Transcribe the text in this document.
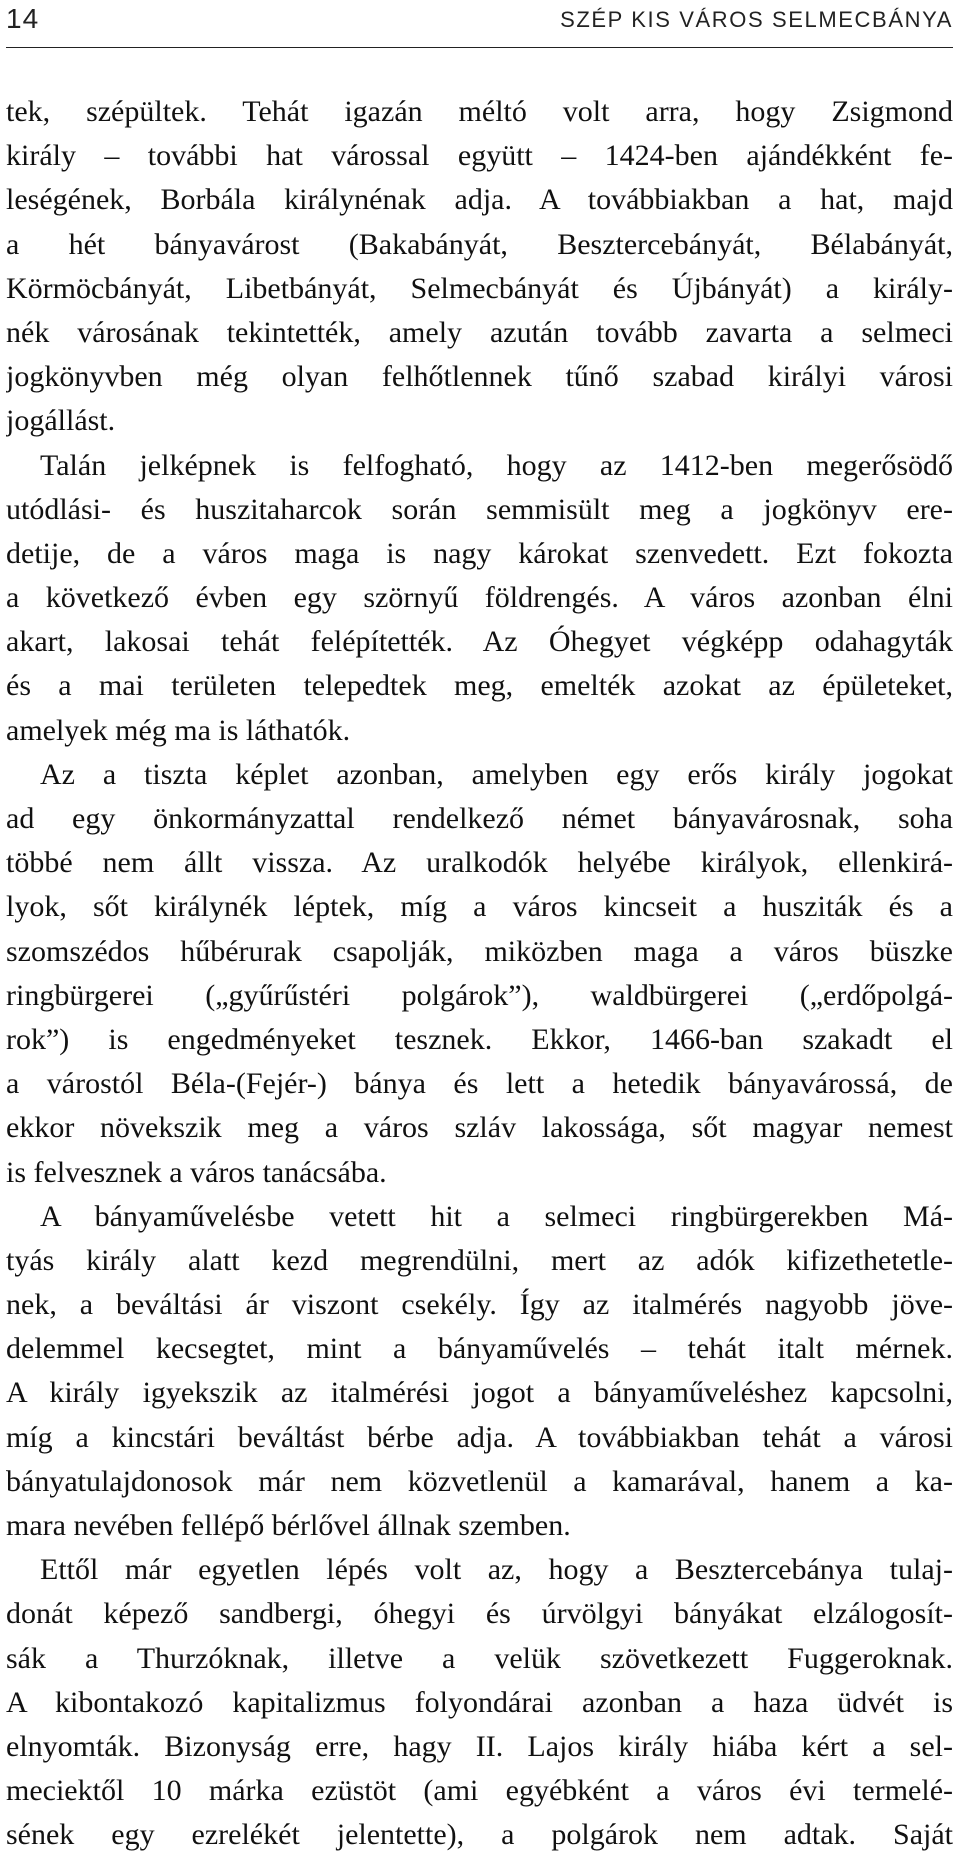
14	SZÉP KIS VÁROS SELMECBÁNYA
tek, szépültek. Tehát igazán méltó volt arra, hogy Zsigmond
király – további hat várossal együtt – 1424-ben ajándékként fe-
leségének, Borbála királynénak adja. A továbbiakban a hat, majd
a hét bányavárost (Bakabányát, Besztercebányát, Bélabányát,
Körmöcbányát, Libetbányát, Selmecbányát és Újbányát) a király-
nék városának tekintették, amely azután tovább zavarta a selmeci
jogkönyvben még olyan felhőtlennek tűnő szabad királyi városi
jogállást.
Talán jelképnek is felfogható, hogy az 1412-ben megerősödő
utódlási- és huszitaharcok során semmisült meg a jogkönyv ere-
detije, de a város maga is nagy károkat szenvedett. Ezt fokozta
a következő évben egy szörnyű földrengés. A város azonban élni
akart, lakosai tehát felépítették. Az Óhegyet végképp odahagyták
és a mai területen telepedtek meg, emelték azokat az épületeket,
amelyek még ma is láthatók.
Az a tiszta képlet azonban, amelyben egy erős király jogokat
ad egy önkormányzattal rendelkező német bányavárosnak, soha
többé nem állt vissza. Az uralkodók helyébe királyok, ellenkirá-
lyok, sőt királynék léptek, míg a város kincseit a husziták és a
szomszédos hűbérurak csapolják, miközben maga a város büszke
ringbürgerei („gyűrűstéri polgárok”), waldbürgerei („erdőpolgá-
rok”) is engedményeket tesznek. Ekkor, 1466-ban szakadt el
a várostól Béla-(Fejér-) bánya és lett a hetedik bányavárossá, de
ekkor növekszik meg a város szláv lakossága, sőt magyar nemest
is felvesznek a város tanácsába.
A bányaművelésbe vetett hit a selmeci ringbürgerekben Má-
tyás király alatt kezd megrendülni, mert az adók kifizethetetle-
nek, a beváltási ár viszont csekély. Így az italmérés nagyobb jöve-
delemmel kecsegtet, mint a bányaművelés – tehát italt mérnek.
A király igyekszik az italmérési jogot a bányaműveléshez kapcsolni,
míg a kincstári beváltást bérbe adja. A továbbiakban tehát a városi
bányatulajdonosok már nem közvetlenül a kamarával, hanem a ka-
mara nevében fellépő bérlővel állnak szemben.
Ettől már egyetlen lépés volt az, hogy a Besztercebánya tulaj-
donát képező sandbergi, óhegyi és úrvölgyi bányákat elzálogosít-
sák a Thurzóknak, illetve a velük szövetkezett Fuggeroknak.
A kibontakozó kapitalizmus folyondárai azonban a haza üdvét is
elnyomták. Bizonyság erre, hagy II. Lajos király hiába kért a sel-
meciektől 10 márka ezüstöt (ami egyébként a város évi termelé-
sének egy ezrelékét jelentette), a polgárok nem adtak. Saját
